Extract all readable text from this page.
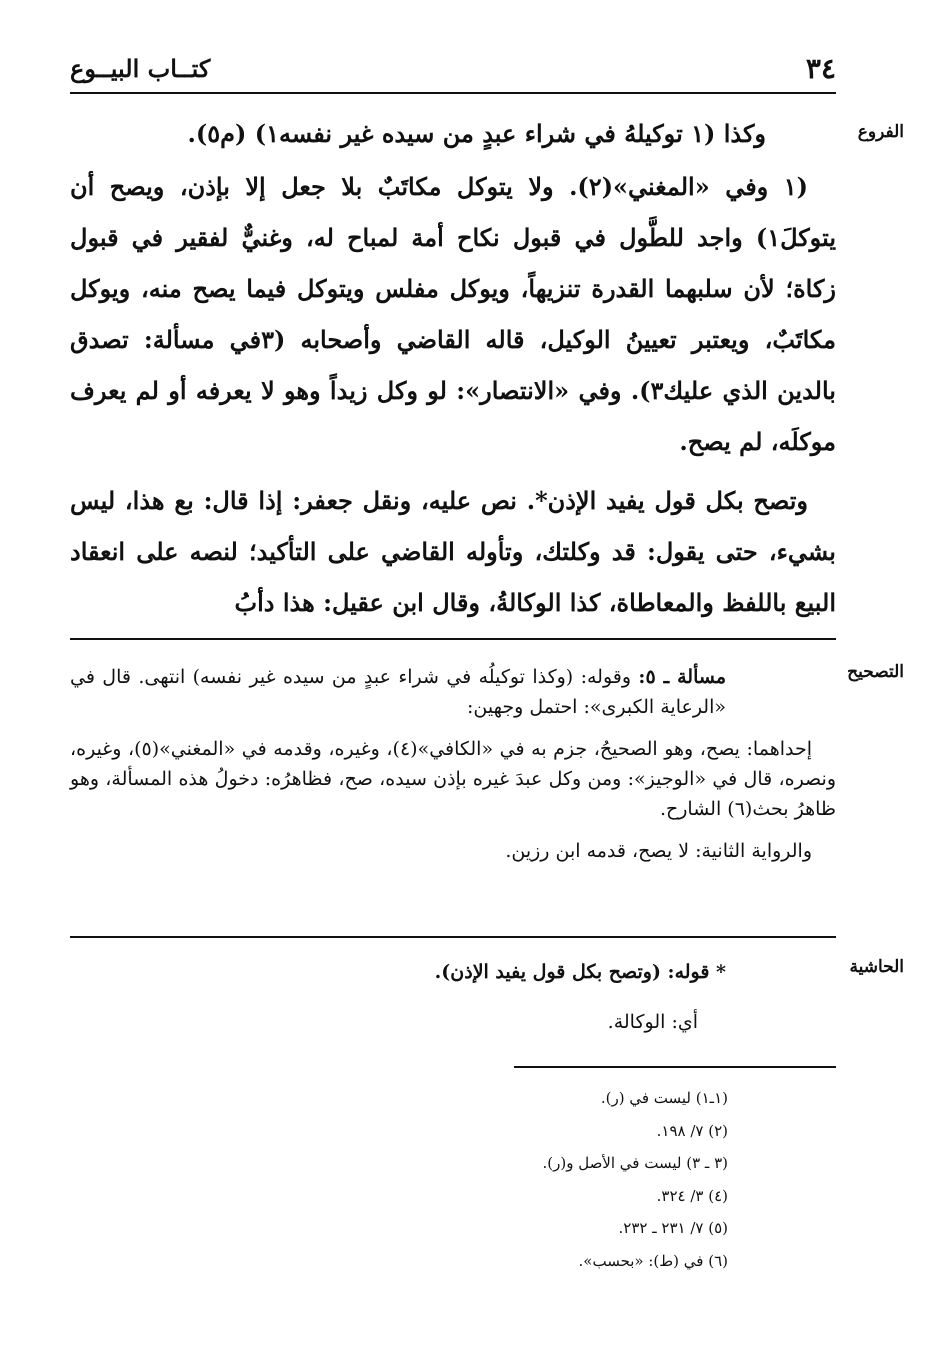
٣٤
كتــاب البيــوع
الفروع

وكذا (١ توكيلهُ في شراء عبدٍ من سيده غير نفسه١) (م٥).

(١ وفي «المغني»(٢). ولا يتوكل مكاتَبٌ بلا جعل إلا بإذن، ويصح أن يتوكلَ١) واجد للطَّول في قبول نكاح أمة لمباح له، وغنيٌّ لفقير في قبول زكاة؛ لأن سلبهما القدرة تنزيهاً، ويوكل مفلس ويتوكل فيما يصح منه، ويوكل مكاتَبٌ، ويعتبر تعيينُ الوكيل، قاله القاضي وأصحابه (٣في مسألة: تصدق بالدين الذي عليك٣). وفي «الانتصار»: لو وكل زيداً وهو لا يعرفه أو لم يعرف موكلَه، لم يصح.

وتصح بكل قول يفيد الإذن*. نص عليه، ونقل جعفر: إذا قال: بع هذا، ليس بشيء، حتى يقول: قد وكلتك، وتأوله القاضي على التأكيد؛ لنصه على انعقاد البيع باللفظ والمعاطاة، كذا الوكالةُ، وقال ابن عقيل: هذا دأبُ

التصحيح

مسألة ـ ٥: وقوله: (وكذا توكيلُه في شراء عبدٍ من سيده غير نفسه) انتهى. قال في «الرعاية الكبرى»: احتمل وجهين:

إحداهما: يصح، وهو الصحيحُ، جزم به في «الكافي»(٤)، وغيره، وقدمه في «المغني»(٥)، وغيره، ونصره، قال في «الوجيز»: ومن وكل عبدَ غيره بإذن سيده، صح، فظاهرُه: دخولُ هذه المسألة، وهو ظاهرُ بحث(٦) الشارح.

والرواية الثانية: لا يصح، قدمه ابن رزين.

الحاشية

* قوله: (وتصح بكل قول يفيد الإذن).

أي: الوكالة.

(١ـ١) ليست في (ر).
(٢) ٧/ ١٩٨.
(٣ ـ ٣) ليست في الأصل و(ر).
(٤) ٣/ ٣٢٤.
(٥) ٧/ ٢٣١ ـ ٢٣٢.
(٦) في (ط): «بحسب».
